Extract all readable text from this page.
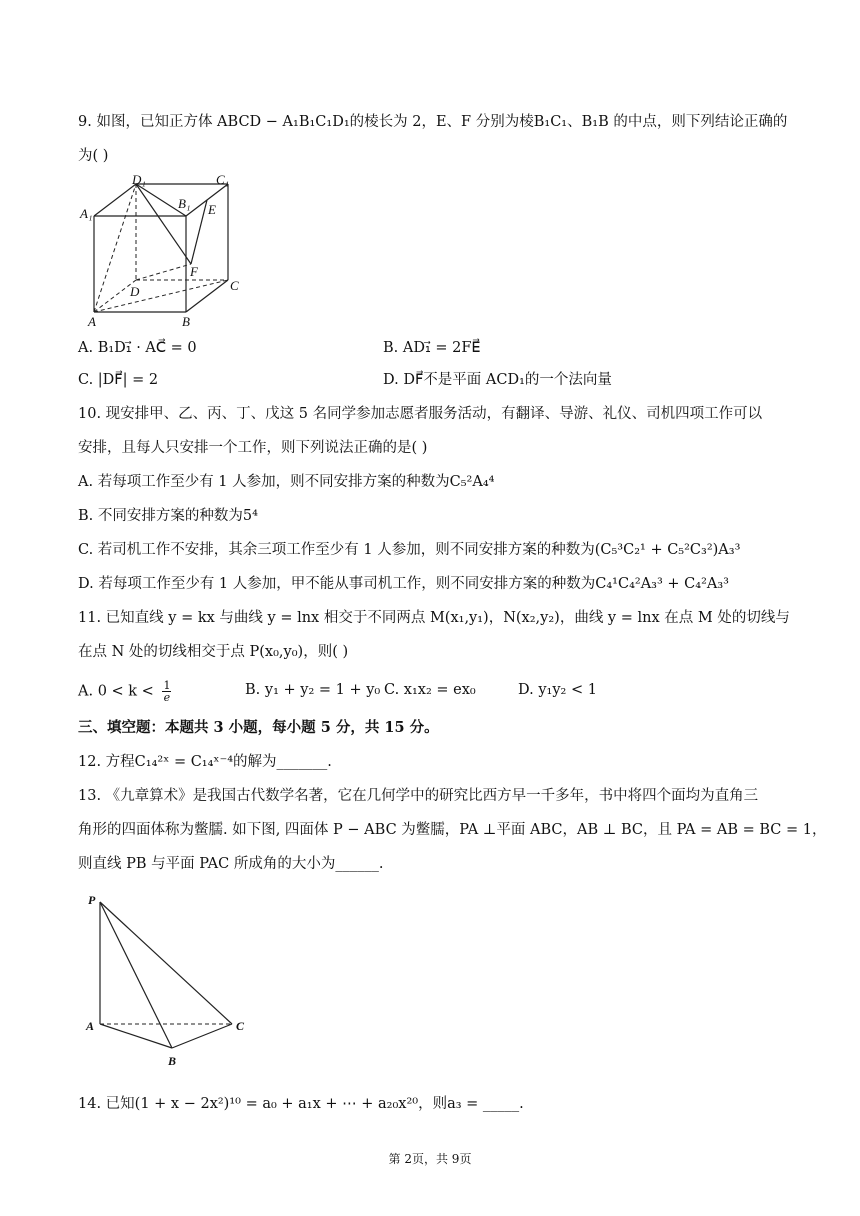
9. 如图，已知正方体 ABCD − A₁B₁C₁D₁的棱长为 2，E、F 分别为棱B₁C₁、B₁B 的中点，则下列结论正确的
为( )
D₁	C₁
A₁
B₁ E
F
D	C
A	B
A. B₁D₁⃗ · AC⃗ = 0	B. AD₁⃗ = 2FE⃗
C. |DF⃗| = 2	D. DF⃗不是平面 ACD₁的一个法向量
10. 现安排甲、乙、丙、丁、戊这 5 名同学参加志愿者服务活动，有翻译、导游、礼仪、司机四项工作可以
安排，且每人只安排一个工作，则下列说法正确的是( )
A. 若每项工作至少有 1 人参加，则不同安排方案的种数为C₅²A₄⁴
B. 不同安排方案的种数为5⁴
C. 若司机工作不安排，其余三项工作至少有 1 人参加，则不同安排方案的种数为(C₅³C₂¹ + C₅²C₃²)A₃³
D. 若每项工作至少有 1 人参加，甲不能从事司机工作，则不同安排方案的种数为C₄¹C₄²A₃³ + C₄²A₃³
11. 已知直线 y = kx 与曲线 y = lnx 相交于不同两点 M(x₁,y₁)，N(x₂,y₂)，曲线 y = lnx 在点 M 处的切线与
在点 N 处的切线相交于点 P(x₀,y₀)，则( )
A. $0 < k < \frac{1}{e}$	B. y₁ + y₂ = 1 + y₀ C. x₁x₂ = ex₀	D. y₁y₂ < 1
三、填空题：本题共 3 小题，每小题 5 分，共 15 分。
12. 方程C₁₄²ˣ = C₁₄ˣ⁻⁴的解为_______.
13. 《九章算术》是我国古代数学名著，它在几何学中的研究比西方早一千多年，书中将四个面均为直角三
角形的四面体称为鳖臑. 如下图, 四面体 P − ABC 为鳖臑，PA ⊥平面 ABC，AB ⊥ BC，且 PA = AB = BC = 1，
则直线 PB 与平面 PAC 所成角的大小为______.
P
A	C
B
14. 已知(1 + x − 2x²)¹⁰ = a₀ + a₁x + ⋯ + a₂₀x²⁰，则a₃ = _____.
第 2页，共 9页
